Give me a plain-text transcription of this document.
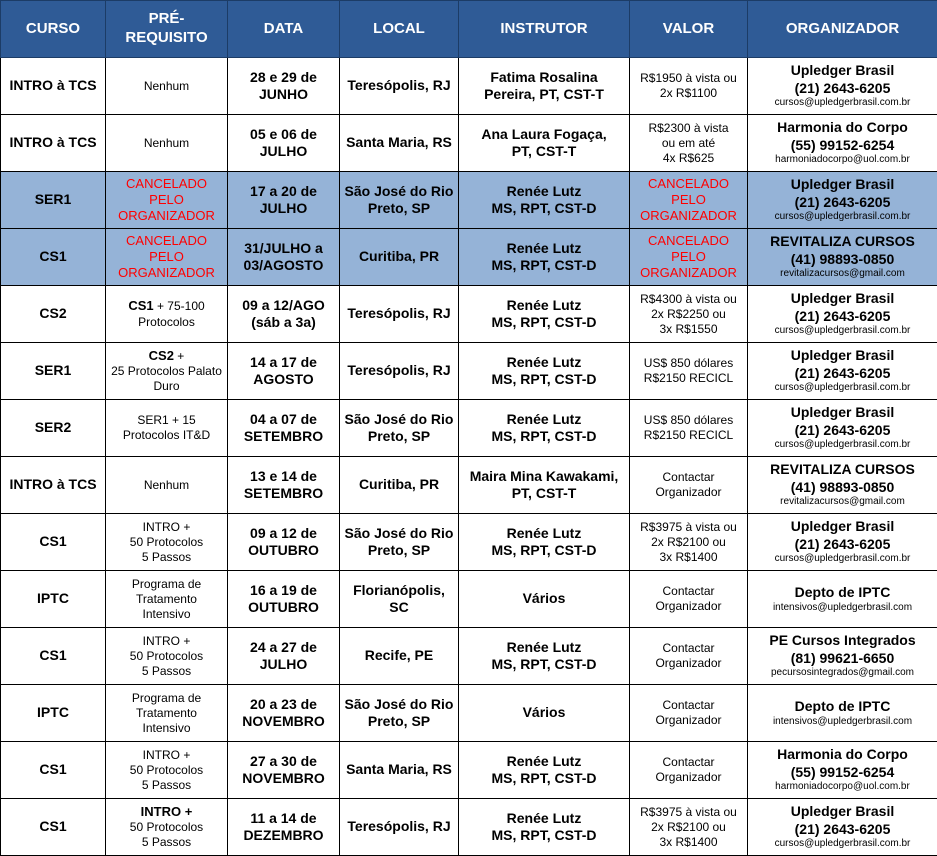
CURSO	PRÉ-
REQUISITO	DATA	LOCAL	INSTRUTOR	VALOR	ORGANIZADOR
INTRO à TCS	Nenhum	28 e 29 de
JUNHO	Teresópolis, RJ	Fatima Rosalina
Pereira, PT, CST-T	R$1950 à vista ou
2x R$1100	Upledger Brasil
(21) 2643-6205
cursos@upledgerbrasil.com.br

INTRO à TCS	Nenhum	05 e 06 de
JULHO	Santa Maria, RS	Ana Laura Fogaça,
PT, CST-T	R$2300 à vista
ou em até
4x R$625	Harmonia do Corpo
(55) 99152-6254
harmoniadocorpo@uol.com.br

SER1	CANCELADO
PELO
ORGANIZADOR	17 a 20 de
JULHO	São José do Rio
Preto, SP	Renée Lutz
MS, RPT, CST-D	CANCELADO
PELO
ORGANIZADOR	Upledger Brasil
(21) 2643-6205
cursos@upledgerbrasil.com.br

CS1	CANCELADO
PELO
ORGANIZADOR	31/JULHO a
03/AGOSTO	Curitiba, PR	Renée Lutz
MS, RPT, CST-D	CANCELADO
PELO
ORGANIZADOR	REVITALIZA CURSOS
(41) 98893-0850
revitalizacursos@gmail.com

CS2	CS1 + 75-100
Protocolos	09 a 12/AGO
(sáb a 3a)	Teresópolis, RJ	Renée Lutz
MS, RPT, CST-D	R$4300 à vista ou
2x R$2250 ou
3x R$1550	Upledger Brasil
(21) 2643-6205
cursos@upledgerbrasil.com.br

SER1	CS2 +
25 Protocolos Palato
Duro	14 a 17 de
AGOSTO	Teresópolis, RJ	Renée Lutz
MS, RPT, CST-D	US$ 850 dólares
R$2150 RECICL	Upledger Brasil
(21) 2643-6205
cursos@upledgerbrasil.com.br

SER2	SER1 + 15
Protocolos IT&D	04 a 07 de
SETEMBRO	São José do Rio
Preto, SP	Renée Lutz
MS, RPT, CST-D	US$ 850 dólares
R$2150 RECICL	Upledger Brasil
(21) 2643-6205
cursos@upledgerbrasil.com.br

INTRO à TCS	Nenhum	13 e 14 de
SETEMBRO	Curitiba, PR	Maira Mina Kawakami,
PT, CST-T	Contactar
Organizador	REVITALIZA CURSOS
(41) 98893-0850
revitalizacursos@gmail.com

CS1	INTRO +
50 Protocolos
5 Passos	09 a 12 de
OUTUBRO	São José do Rio
Preto, SP	Renée Lutz
MS, RPT, CST-D	R$3975 à vista ou
2x R$2100 ou
3x R$1400	Upledger Brasil
(21) 2643-6205
cursos@upledgerbrasil.com.br

IPTC	Programa de
Tratamento
Intensivo	16 a 19 de
OUTUBRO	Florianópolis,
SC	Vários	Contactar
Organizador	Depto de IPTC
intensivos@upledgerbrasil.com

CS1	INTRO +
50 Protocolos
5 Passos	24 a 27 de
JULHO	Recife, PE	Renée Lutz
MS, RPT, CST-D	Contactar
Organizador	PE Cursos Integrados
(81) 99621-6650
pecursosintegrados@gmail.com

IPTC	Programa de
Tratamento
Intensivo	20 a 23 de
NOVEMBRO	São José do Rio
Preto, SP	Vários	Contactar
Organizador	Depto de IPTC
intensivos@upledgerbrasil.com

CS1	INTRO +
50 Protocolos
5 Passos	27 a 30 de
NOVEMBRO	Santa Maria, RS	Renée Lutz
MS, RPT, CST-D	Contactar
Organizador	Harmonia do Corpo
(55) 99152-6254
harmoniadocorpo@uol.com.br

CS1	INTRO +
50 Protocolos
5 Passos	11 a 14 de
DEZEMBRO	Teresópolis, RJ	Renée Lutz
MS, RPT, CST-D	R$3975 à vista ou
2x R$2100 ou
3x R$1400	Upledger Brasil
(21) 2643-6205
cursos@upledgerbrasil.com.br
